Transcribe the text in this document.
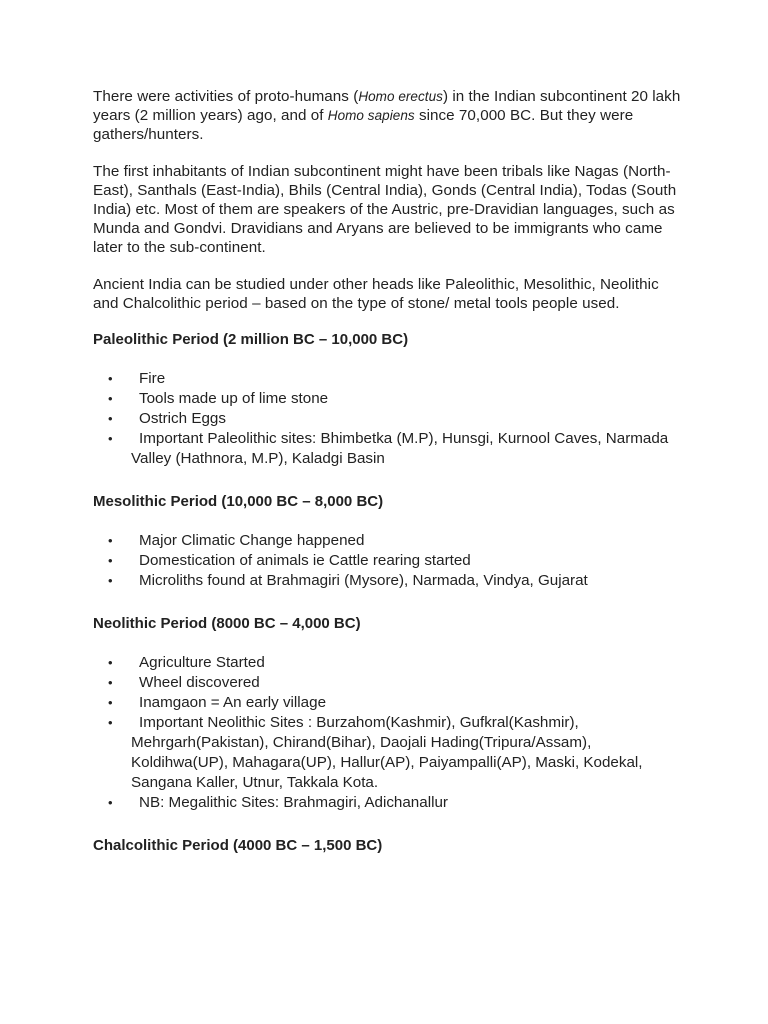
There were activities of proto-humans (Homo erectus) in the Indian subcontinent 20 lakh years (2 million years) ago, and of Homo sapiens since 70,000 BC. But they were gathers/hunters.

The first inhabitants of Indian subcontinent might have been tribals like Nagas (North-East), Santhals (East-India), Bhils (Central India), Gonds (Central India), Todas (South India) etc. Most of them are speakers of the Austric, pre-Dravidian languages, such as Munda and Gondvi. Dravidians and Aryans are believed to be immigrants who came later to the sub-continent.

Ancient India can be studied under other heads like Paleolithic, Mesolithic, Neolithic and Chalcolithic period – based on the type of stone/ metal tools people used.

Paleolithic Period (2 million BC – 10,000 BC)
• Fire
• Tools made up of lime stone
• Ostrich Eggs
• Important Paleolithic sites: Bhimbetka (M.P), Hunsgi, Kurnool Caves, Narmada Valley (Hathnora, M.P), Kaladgi Basin
Mesolithic Period (10,000 BC – 8,000 BC)
• Major Climatic Change happened
• Domestication of animals ie Cattle rearing started
• Microliths found at Brahmagiri (Mysore), Narmada, Vindya, Gujarat
Neolithic Period (8000 BC – 4,000 BC)
• Agriculture Started
• Wheel discovered
• Inamgaon = An early village
• Important Neolithic Sites : Burzahom(Kashmir), Gufkral(Kashmir), Mehrgarh(Pakistan), Chirand(Bihar), Daojali Hading(Tripura/Assam), Koldihwa(UP), Mahagara(UP), Hallur(AP), Paiyampalli(AP), Maski, Kodekal, Sangana Kaller, Utnur, Takkala Kota.
• NB: Megalithic Sites: Brahmagiri, Adichanallur
Chalcolithic Period (4000 BC – 1,500 BC)
